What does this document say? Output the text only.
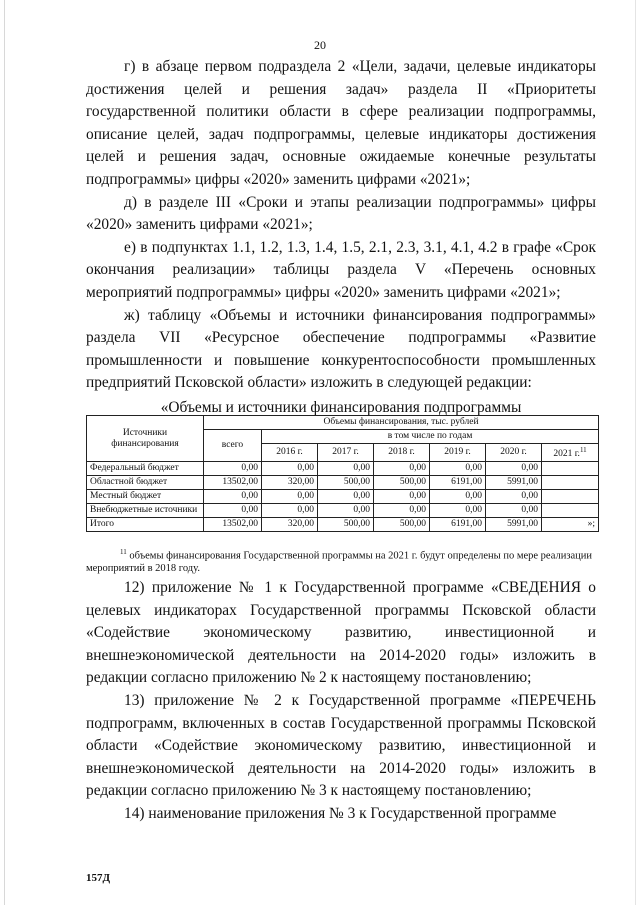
20

г) в абзаце первом подраздела 2 «Цели, задачи, целевые индикаторы достижения целей и решения задач» раздела II «Приоритеты государственной политики области в сфере реализации подпрограммы, описание целей, задач подпрограммы, целевые индикаторы достижения целей и решения задач, основные ожидаемые конечные результаты подпрограммы» цифры «2020» заменить цифрами «2021»;

д) в разделе III «Сроки и этапы реализации подпрограммы» цифры «2020» заменить цифрами «2021»;

е) в подпунктах 1.1, 1.2, 1.3, 1.4, 1.5, 2.1, 2.3, 3.1, 4.1, 4.2 в графе «Срок окончания реализации» таблицы раздела V «Перечень основных мероприятий подпрограммы» цифры «2020» заменить цифрами «2021»;

ж) таблицу «Объемы и источники финансирования подпрограммы» раздела VII «Ресурсное обеспечение подпрограммы «Развитие промышленности и повышение конкурентоспособности промышленных предприятий Псковской области» изложить в следующей редакции:

«Объемы и источники финансирования подпрограммы

Источники финансирования	Объемы финансирования, тыс. рублей						
	всего	в том числе по годам					
		2016 г.	2017 г.	2018 г.	2019 г.	2020 г.	2021 г.$^{11}$
Федеральный бюджет	0,00	0,00	0,00	0,00	0,00	0,00	
Областной бюджет	13502,00	320,00	500,00	500,00	6191,00	5991,00	
Местный бюджет	0,00	0,00	0,00	0,00	0,00	0,00	
Внебюджетные источники	0,00	0,00	0,00	0,00	0,00	0,00	
Итого	13502,00	320,00	500,00	500,00	6191,00	5991,00	»;
$^{11}$ объемы финансирования Государственной программы на 2021 г. будут определены по мере реализации мероприятий в 2018 году.

12) приложение № 1 к Государственной программе «СВЕДЕНИЯ о целевых индикаторах Государственной программы Псковской области «Содействие экономическому развитию, инвестиционной и внешнеэкономической деятельности на 2014-2020 годы» изложить в редакции согласно приложению № 2 к настоящему постановлению;

13) приложение № 2 к Государственной программе «ПЕРЕЧЕНЬ подпрограмм, включенных в состав Государственной программы Псковской области «Содействие экономическому развитию, инвестиционной и внешнеэкономической деятельности на 2014-2020 годы» изложить в редакции согласно приложению № 3 к настоящему постановлению;

14) наименование приложения № 3 к Государственной программе

157Д
